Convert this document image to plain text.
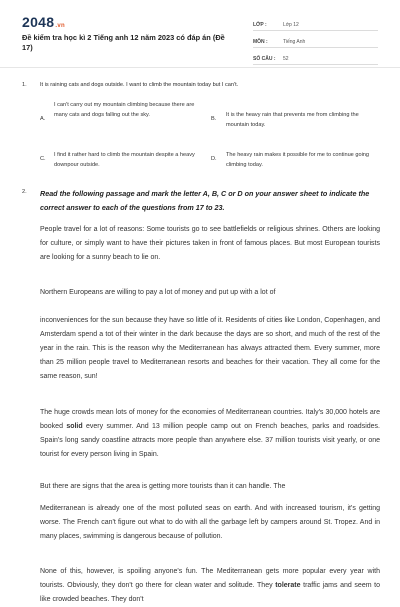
2048.vn
Đề kiểm tra học kì 2 Tiếng anh 12 năm 2023 có đáp án (Đề 17)
LỚP :	Lớp 12
MÔN :	Tiếng Anh
SỐ CÂU :	52
1. It is raining cats and dogs outside. I want to climb the mountain today but I can't.
A.
I can't carry out my mountain climbing because there are many cats and dogs falling out the sky.
B.
It is the heavy rain that prevents me from climbing the mountain today.
C.
I find it rather hard to climb the mountain despite a heavy downpour outside.
D.
The heavy rain makes it possible for me to continue going climbing today.
2. Read the following passage and mark the letter A, B, C or D on your answer sheet to indicate the correct answer to each of the questions from 17 to 23.
People travel for a lot of reasons: Some tourists go to see battlefields or religious shrines. Others are looking for culture, or simply want to have their pictures taken in front of famous places. But most European tourists are looking for a sunny beach to lie on.
Northern Europeans are willing to pay a lot of money and put up with a lot of
inconveniences for the sun because they have so little of it. Residents of cities like London, Copenhagen, and Amsterdam spend a tot of their winter in the dark because the days are so short, and much of the rest of the year in the rain. This is the reason why the Mediterranean has always attracted them. Every summer, more than 25 million people travel to Mediterranean resorts and beaches for their vacation. They all come for the same reason, sun!
The huge crowds mean lots of money for the economies of Mediterranean countries. Italy's 30,000 hotels are booked solid every summer. And 13 million people camp out on French beaches, parks and roadsides. Spain's long sandy coastline attracts more people than anywhere else. 37 million tourists visit yearly, or one tourist for every person living in Spain.
But there are signs that the area is getting more tourists than it can handle. The
Mediterranean is already one of the most polluted seas on earth. And with increased tourism, it's getting worse. The French can't figure out what to do with all the garbage left by campers around St. Tropez. And in many places, swimming is dangerous because of pollution.
None of this, however, is spoiling anyone's fun. The Mediterranean gets more popular every year with tourists. Obviously, they don't go there for clean water and solitude. They tolerate traffic jams and seem to like crowded beaches. They don't
